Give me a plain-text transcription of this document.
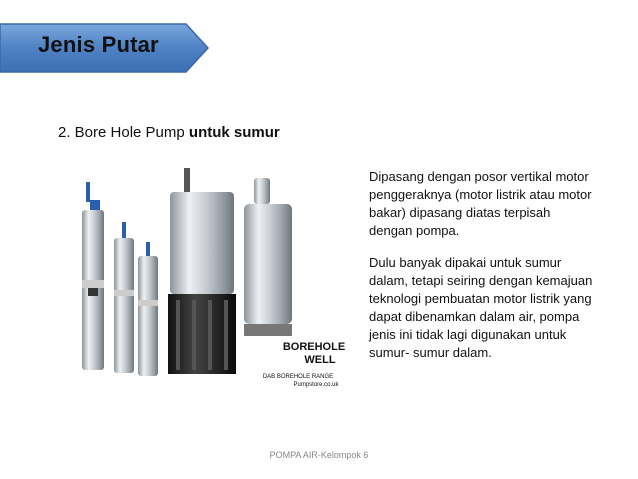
Jenis Putar
2. Bore Hole Pump untuk sumur
BOREHOLE
WELL
DAB BOREHOLE RANGE
Pumpstore.co.uk

Dipasang dengan posor vertikal motor penggeraknya (motor listrik atau motor bakar) dipasang diatas terpisah dengan pompa.

Dulu banyak dipakai untuk sumur dalam, tetapi seiring dengan kemajuan teknologi pembuatan motor listrik yang dapat dibenamkan dalam air, pompa jenis ini tidak lagi digunakan untuk sumur- sumur dalam.

POMPA AIR-Kelompok 6
